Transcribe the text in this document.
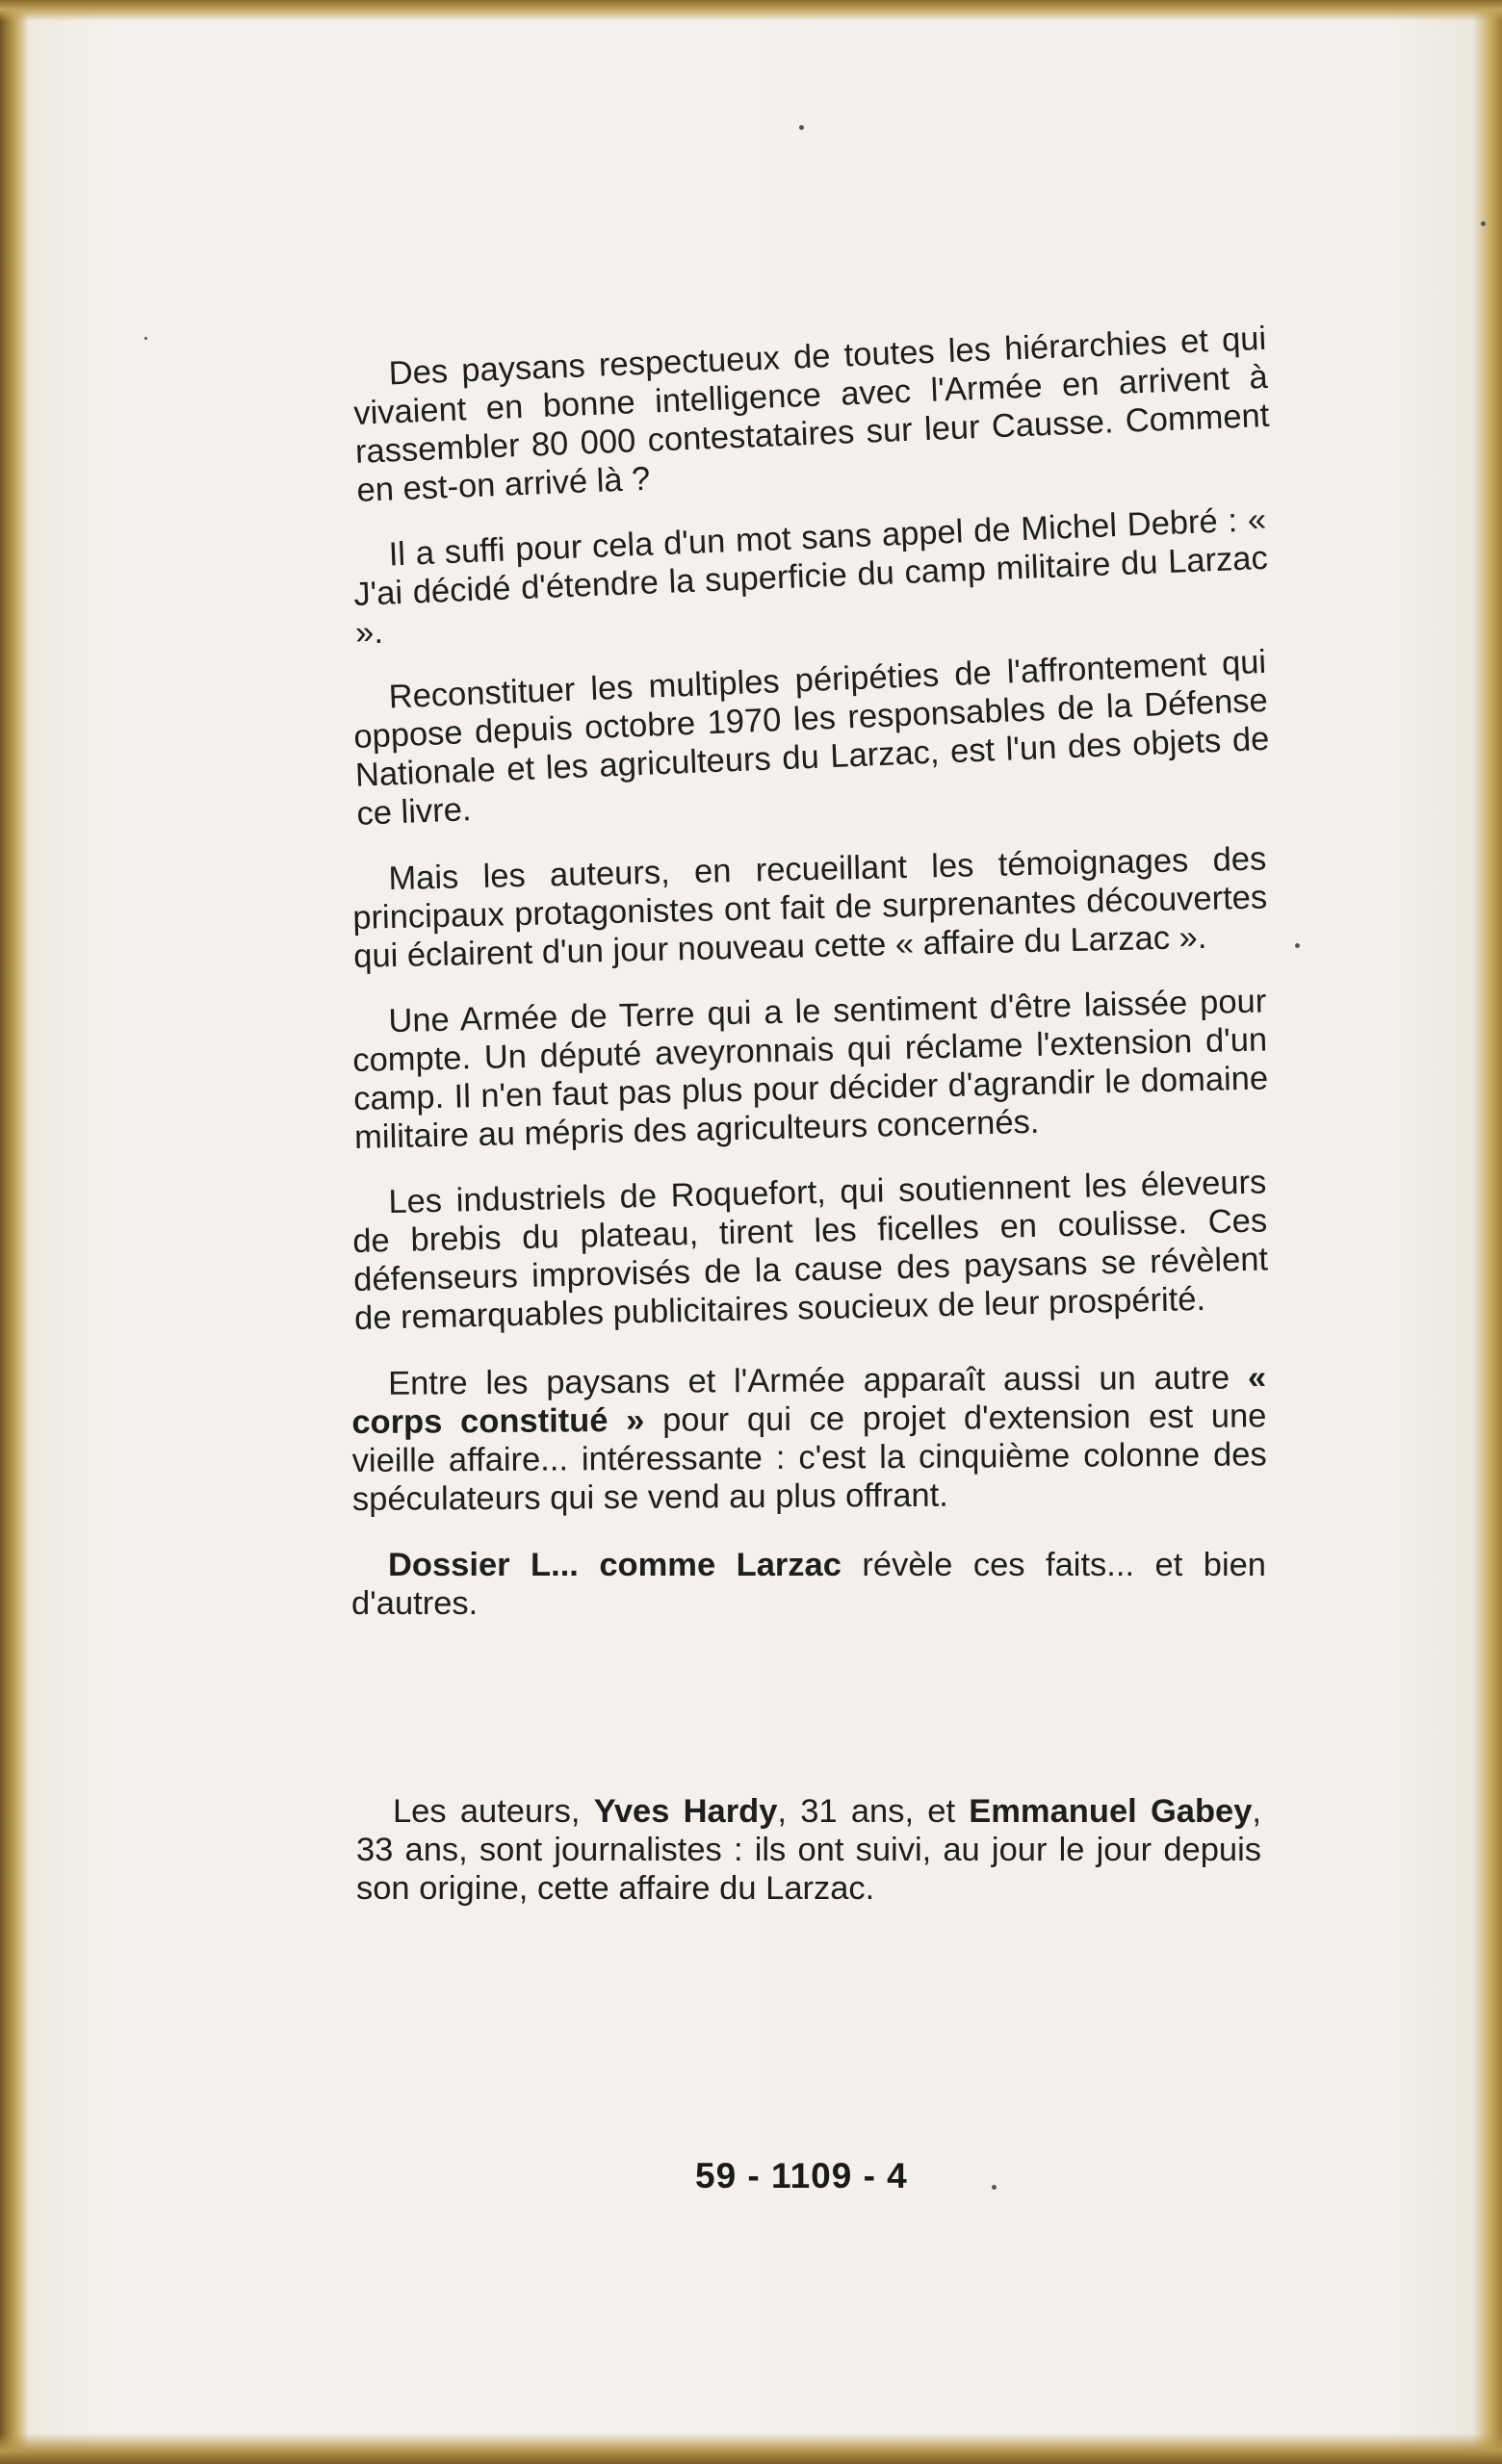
Des paysans respectueux de toutes les hiérarchies et qui vivaient en bonne intelligence avec l'Armée en arrivent à rassembler 80 000 contestataires sur leur Causse. Comment en est-on arrivé là ?

Il a suffi pour cela d'un mot sans appel de Michel Debré : « J'ai décidé d'étendre la superficie du camp militaire du Larzac ».

Reconstituer les multiples péripéties de l'affrontement qui oppose depuis octobre 1970 les responsables de la Défense Nationale et les agriculteurs du Larzac, est l'un des objets de ce livre.

Mais les auteurs, en recueillant les témoignages des principaux protagonistes ont fait de surprenantes découvertes qui éclairent d'un jour nouveau cette « affaire du Larzac ».

Une Armée de Terre qui a le sentiment d'être laissée pour compte. Un député aveyronnais qui réclame l'extension d'un camp. Il n'en faut pas plus pour décider d'agrandir le domaine militaire au mépris des agriculteurs concernés.

Les industriels de Roquefort, qui soutiennent les éleveurs de brebis du plateau, tirent les ficelles en coulisse. Ces défenseurs improvisés de la cause des paysans se révèlent de remarquables publicitaires soucieux de leur prospérité.

Entre les paysans et l'Armée apparaît aussi un autre « corps constitué » pour qui ce projet d'extension est une vieille affaire... intéressante : c'est la cinquième colonne des spéculateurs qui se vend au plus offrant.

Dossier L... comme Larzac révèle ces faits... et bien d'autres.

Les auteurs, Yves Hardy, 31 ans, et Emmanuel Gabey, 33 ans, sont journalistes : ils ont suivi, au jour le jour depuis son origine, cette affaire du Larzac.
59 - 1109 - 4
